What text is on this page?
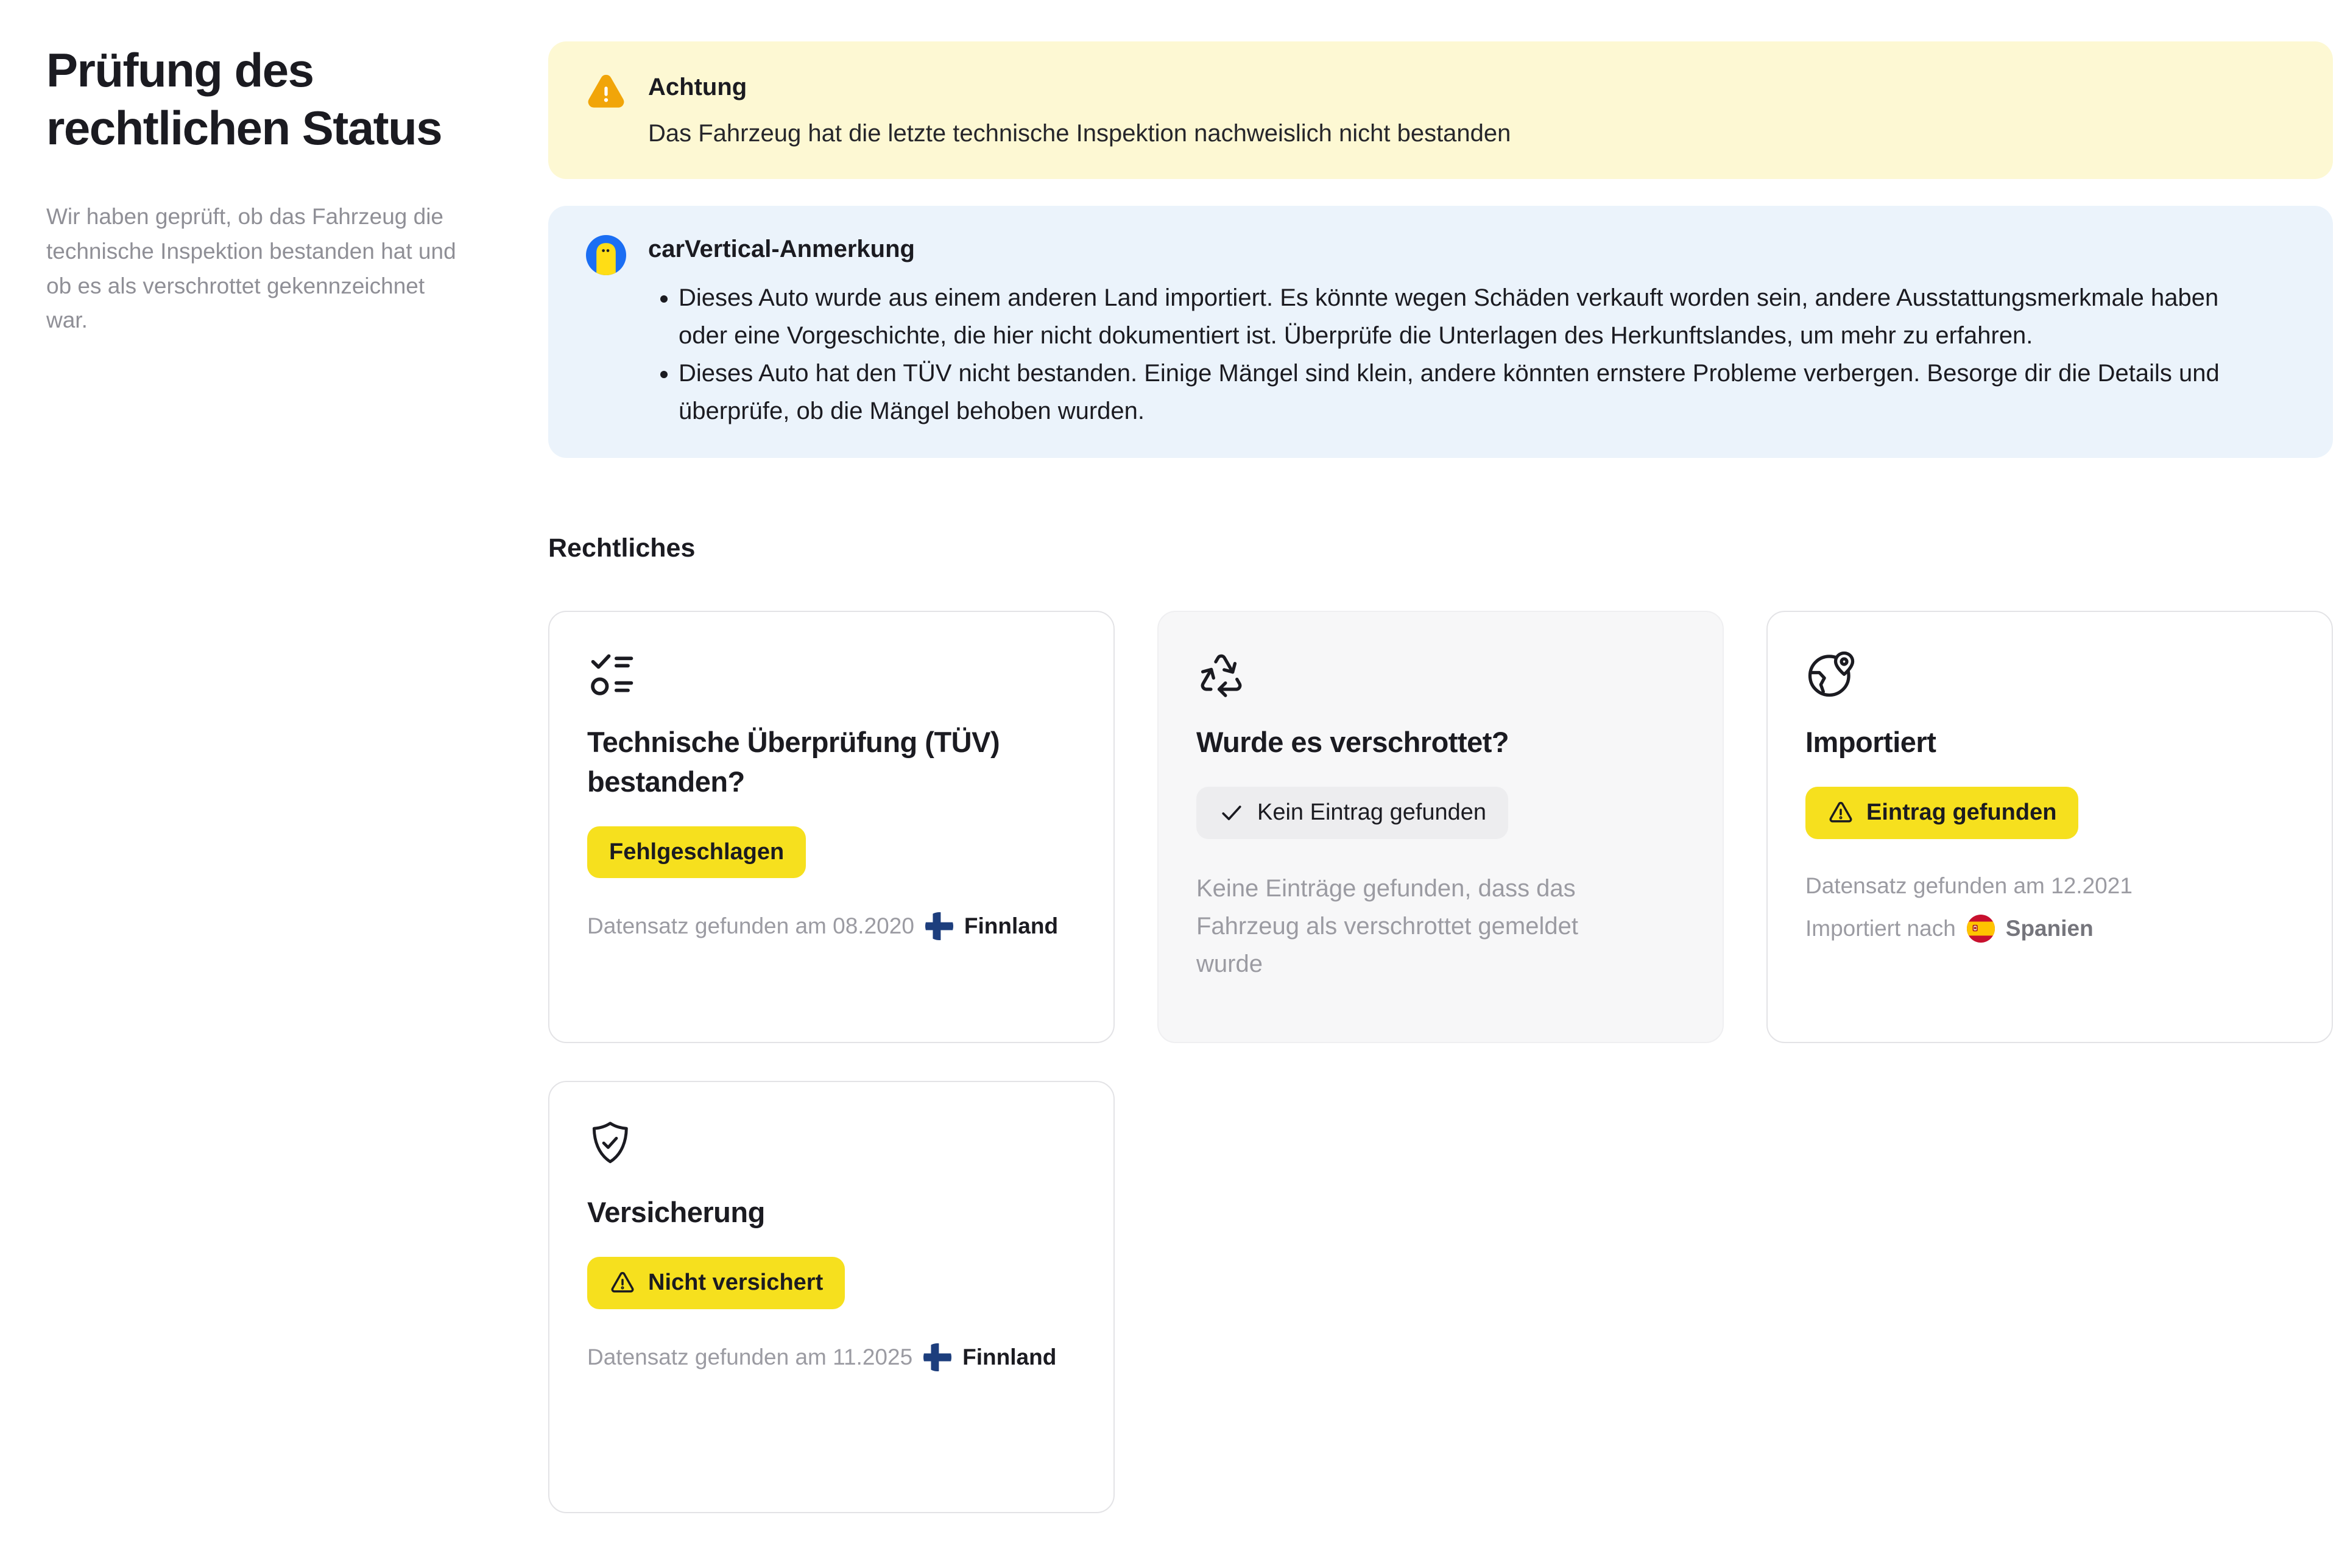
Prüfung des rechtlichen Status

Wir haben geprüft, ob das Fahrzeug die technische Inspektion bestanden hat und ob es als verschrottet gekennzeichnet war.

Achtung
Das Fahrzeug hat die letzte technische Inspektion nachweislich nicht bestanden
carVertical-Anmerkung
• Dieses Auto wurde aus einem anderen Land importiert. Es könnte wegen Schäden verkauft worden sein, andere Ausstattungsmerkmale haben oder eine Vorgeschichte, die hier nicht dokumentiert ist. Überprüfe die Unterlagen des Herkunftslandes, um mehr zu erfahren.
• Dieses Auto hat den TÜV nicht bestanden. Einige Mängel sind klein, andere könnten ernstere Probleme verbergen. Besorge dir die Details und überprüfe, ob die Mängel behoben wurden.
Rechtliches
Technische Überprüfung (TÜV) bestanden?
Fehlgeschlagen
Datensatz gefunden am 08.2020 Finnland
Wurde es verschrottet?
Kein Eintrag gefunden

Keine Einträge gefunden, dass das Fahrzeug als verschrottet gemeldet wurde

Importiert
Eintrag gefunden
Datensatz gefunden am 12.2021
Importiert nach Spanien
Versicherung
Nicht versichert
Datensatz gefunden am 11.2025 Finnland
